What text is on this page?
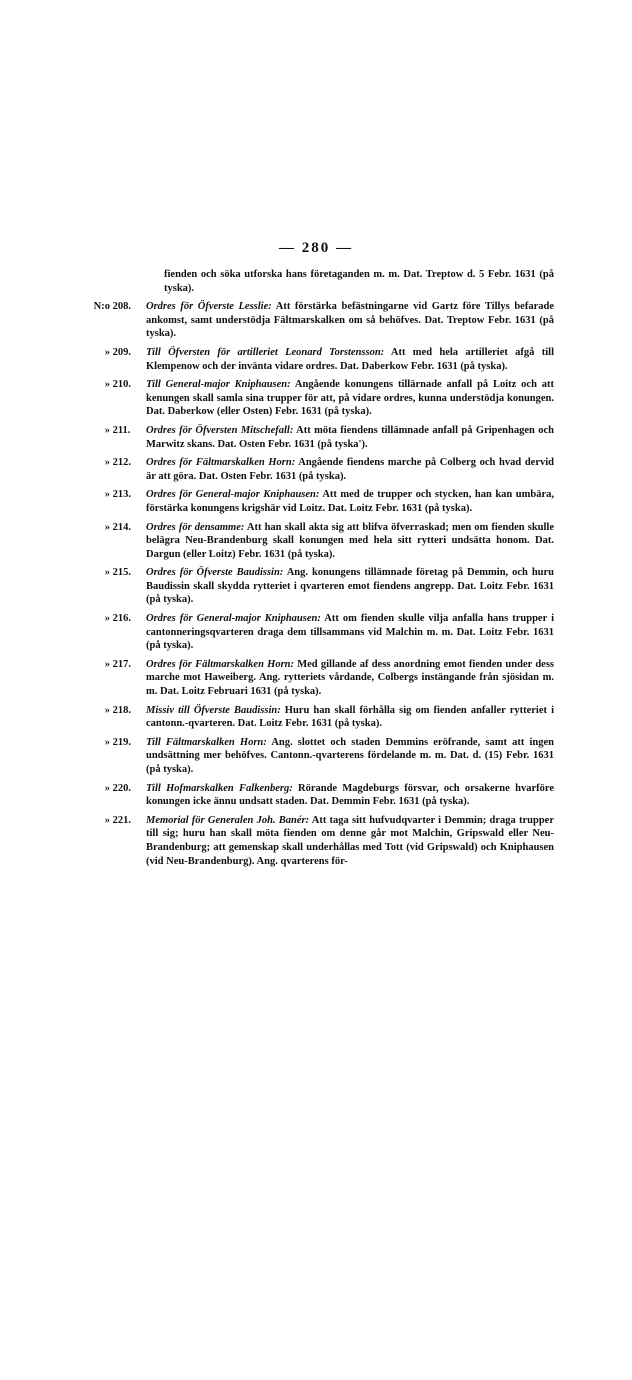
— 280 —
fienden och söka utforska hans företaganden m. m. Dat. Treptow d. 5 Febr. 1631 (på tyska).
N:o 208.	Ordres för Öfverste Lesslie: Att förstärka befästningarne vid Gartz före Tillys befarade ankomst, samt understödja Fältmarskalken om så behöfves. Dat. Treptow Febr. 1631 (på tyska).
» 209.	Till Öfversten för artilleriet Leonard Torstensson: Att med hela artilleriet afgå till Klempenow och der invänta vidare ordres. Dat. Daberkow Febr. 1631 (på tyska).
» 210.	Till General-major Kniphausen: Angående konungens tillärnade anfall på Loitz och att kenungen skall samla sina trupper för att, på vidare ordres, kunna understödja konungen. Dat. Daberkow (eller Osten) Febr. 1631 (på tyska).
» 211.	Ordres för Öfversten Mitschefall: Att möta fiendens tillämnade anfall på Gripenhagen och Marwitz skans. Dat. Osten Febr. 1631 (på tyska').
» 212.	Ordres för Fältmarskalken Horn: Angående fiendens marche på Colberg och hvad dervid är att göra. Dat. Osten Febr. 1631 (på tyska).
» 213.	Ordres för General-major Kniphausen: Att med de trupper och stycken, han kan umbära, förstärka konungens krigshär vid Loitz. Dat. Loitz Febr. 1631 (på tyska).
» 214.	Ordres för densamme: Att han skall akta sig att blifva öfverraskad; men om fienden skulle belägra Neu-Brandenburg skall konungen med hela sitt rytteri undsätta honom. Dat. Dargun (eller Loitz) Febr. 1631 (på tyska).
» 215.	Ordres för Öfverste Baudissin: Ang. konungens tillämnade företag på Demmin, och huru Baudissin skall skydda rytteriet i qvarteren emot fiendens angrepp. Dat. Loitz Febr. 1631 (på tyska).
» 216.	Ordres för General-major Kniphausen: Att om fienden skulle vilja anfalla hans trupper i cantonneringsqvarteren draga dem tillsammans vid Malchin m. m. Dat. Loitz Febr. 1631 (på tyska).
» 217.	Ordres för Fältmarskalken Horn: Med gillande af dess anordning emot fienden under dess marche mot Haweiberg. Ang. rytteriets vårdande, Colbergs instängande från sjösidan m. m. Dat. Loitz Februari 1631 (på tyska).
» 218.	Missiv till Öfverste Baudissin: Huru han skall förhålla sig om fienden anfaller rytteriet i cantonn.-qvarteren. Dat. Loitz Febr. 1631 (på tyska).
» 219.	Till Fältmarskalken Horn: Ang. slottet och staden Demmins eröfrande, samt att ingen undsättning mer behöfves. Cantonn.-qvarterens fördelande m. m. Dat. d. (15) Febr. 1631 (på tyska).
» 220.	Till Hofmarskalken Falkenberg: Rörande Magdeburgs försvar, och orsakerne hvarföre konungen icke ännu undsatt staden. Dat. Demmin Febr. 1631 (på tyska).
» 221.	Memorial för Generalen Joh. Banér: Att taga sitt hufvudqvarter i Demmin; draga trupper till sig; huru han skall möta fienden om denne går mot Malchin, Gripswald eller Neu-Brandenburg; att gemenskap skall underhållas med Tott (vid Gripswald) och Kniphausen (vid Neu-Brandenburg). Ang. qvarterens för-
